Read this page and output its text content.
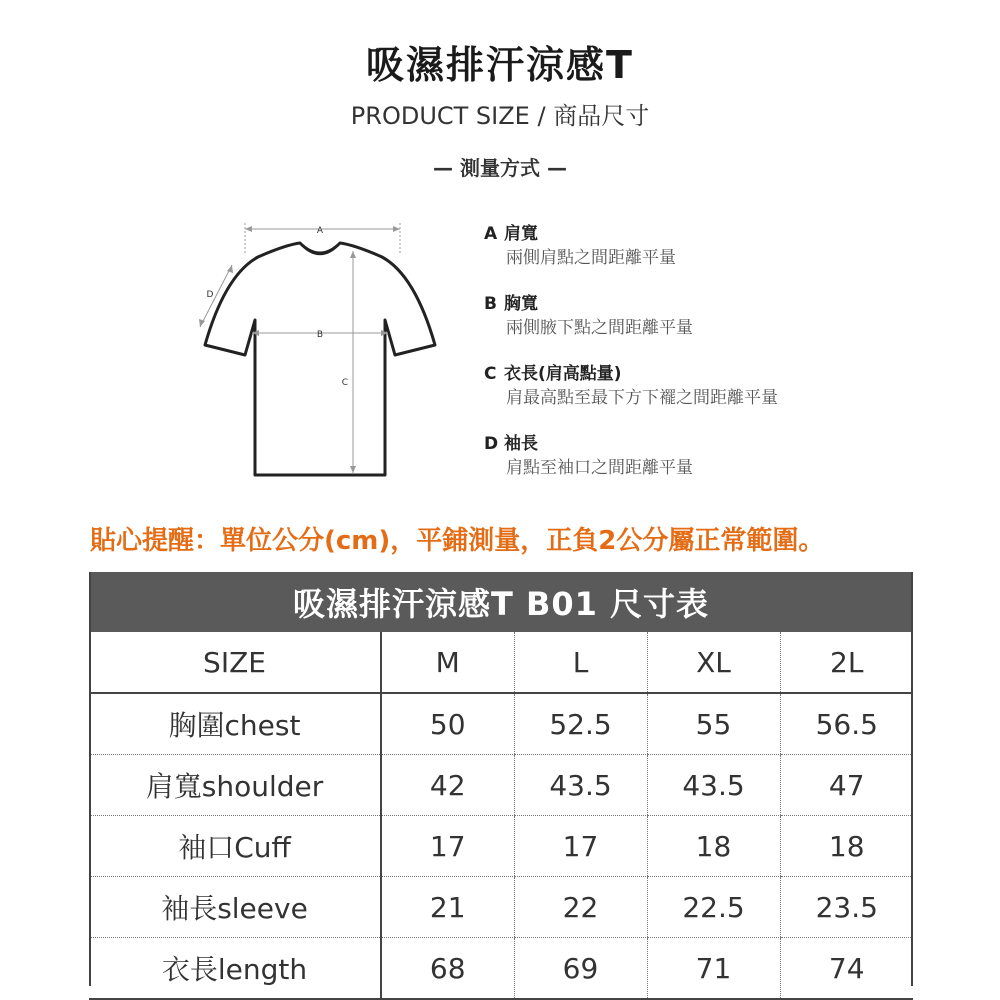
吸濕排汗涼感T
PRODUCT SIZE / 商品尺寸
— 測量方式 —
A
B
C
D
A 肩寬
兩側肩點之間距離平量
B 胸寬
兩側腋下點之間距離平量
C 衣長(肩高點量)
肩最高點至最下方下襬之間距離平量
D 袖長
肩點至袖口之間距離平量
貼心提醒：單位公分(cm)，平鋪測量，正負2公分屬正常範圍。
吸濕排汗涼感T B01 尺寸表				
SIZE	M	L	XL	2L
胸圍chest	50	52.5	55	56.5
肩寬shoulder	42	43.5	43.5	47
袖口Cuff	17	17	18	18
袖長sleeve	21	22	22.5	23.5
衣長length	68	69	71	74
